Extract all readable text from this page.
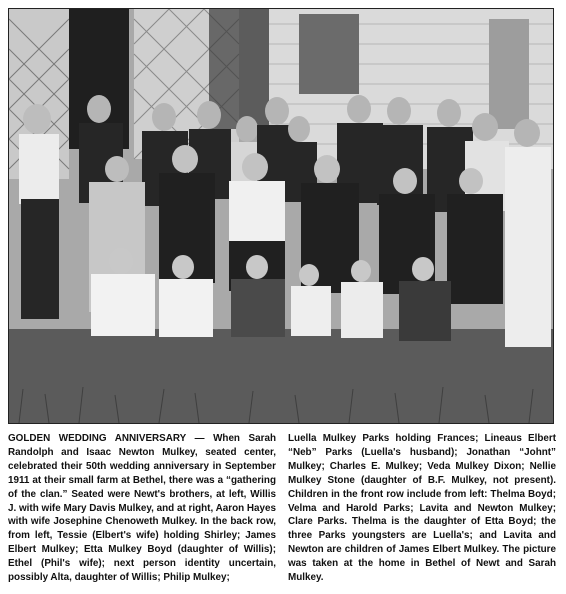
GOLDEN WEDDING ANNIVERSARY — When Sarah Randolph and Isaac Newton Mulkey, seated center, celebrated their 50th wedding anniversary in September 1911 at their small farm at Bethel, there was a “gathering of the clan.” Seated were Newt's brothers, at left, Willis J. with wife Mary Davis Mulkey, and at right, Aaron Hayes with wife Josephine Chenoweth Mulkey. In the back row, from left, Tessie (Elbert's wife) holding Shirley; James Elbert Mulkey; Etta Mulkey Boyd (daughter of Willis); Ethel (Phil's wife); next person identity uncertain, possibly Alta, daughter of Willis; Philip Mulkey;
Luella Mulkey Parks holding Frances; Lineaus Elbert “Neb” Parks (Luella's husband); Jonathan “Johnt” Mulkey; Charles E. Mulkey; Veda Mulkey Dixon; Nellie Mulkey Stone (daughter of B.F. Mulkey, not present). Children in the front row include from left: Thelma Boyd; Velma and Harold Parks; Lavita and Newton Mulkey; Clare Parks. Thelma is the daughter of Etta Boyd; the three Parks youngsters are Luella's; and Lavita and Newton are children of James Elbert Mulkey. The picture was taken at the home in Bethel of Newt and Sarah Mulkey.
